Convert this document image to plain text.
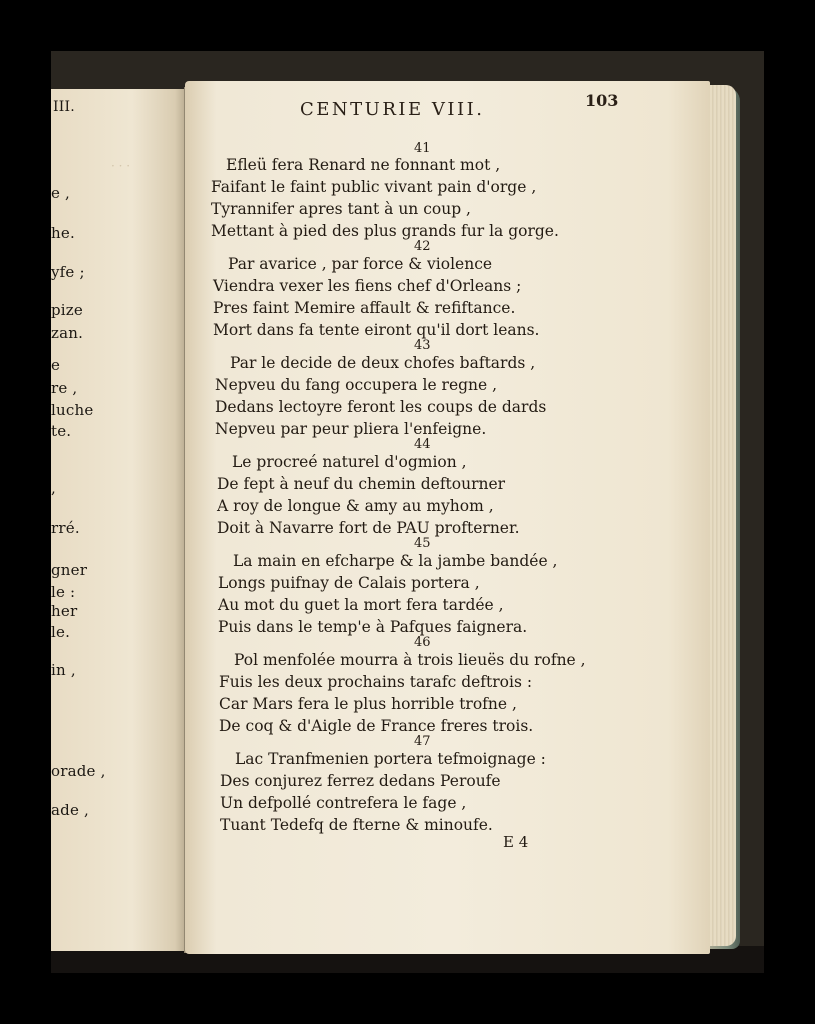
· · ·
III.
e ,
he.
yfe ;
pize
zan.
e
re ,
luche
te.
,
rré.
gner
le :
her
le.
in ,
orade ,
ade ,
CENTURIE VIII.	103
41
Efleü fera Renard ne fonnant mot ,
Faifant le faint public vivant pain d'orge ,
Tyrannifer apres tant à un coup ,
Mettant à pied des plus grands fur la gorge.
42
Par avarice , par force & violence
Viendra vexer les fiens chef d'Orleans ;
Pres faint Memire affault & refiftance.
Mort dans fa tente eiront qu'il dort leans.
43
Par le decide de deux chofes baftards ,
Nepveu du fang occupera le regne ,
Dedans lectoyre feront les coups de dards
Nepveu par peur pliera l'enfeigne.
44
Le procreé naturel d'ogmion ,
De fept à neuf du chemin deftourner
A roy de longue & amy au myhom ,
Doit à Navarre fort de PAU profterner.
45
La main en efcharpe & la jambe bandée ,
Longs puifnay de Calais portera ,
Au mot du guet la mort fera tardée ,
Puis dans le temp'e à Pafques faignera.
46
Pol menfolée mourra à trois lieuës du rofne ,
Fuis les deux prochains tarafc deftrois :
Car Mars fera le plus horrible trofne ,
De coq & d'Aigle de France freres trois.
47
Lac Tranfmenien portera tefmoignage :
Des conjurez ferrez dedans Peroufe
Un defpollé contrefera le fage ,
Tuant Tedefq de fterne & minoufe.
E 4
